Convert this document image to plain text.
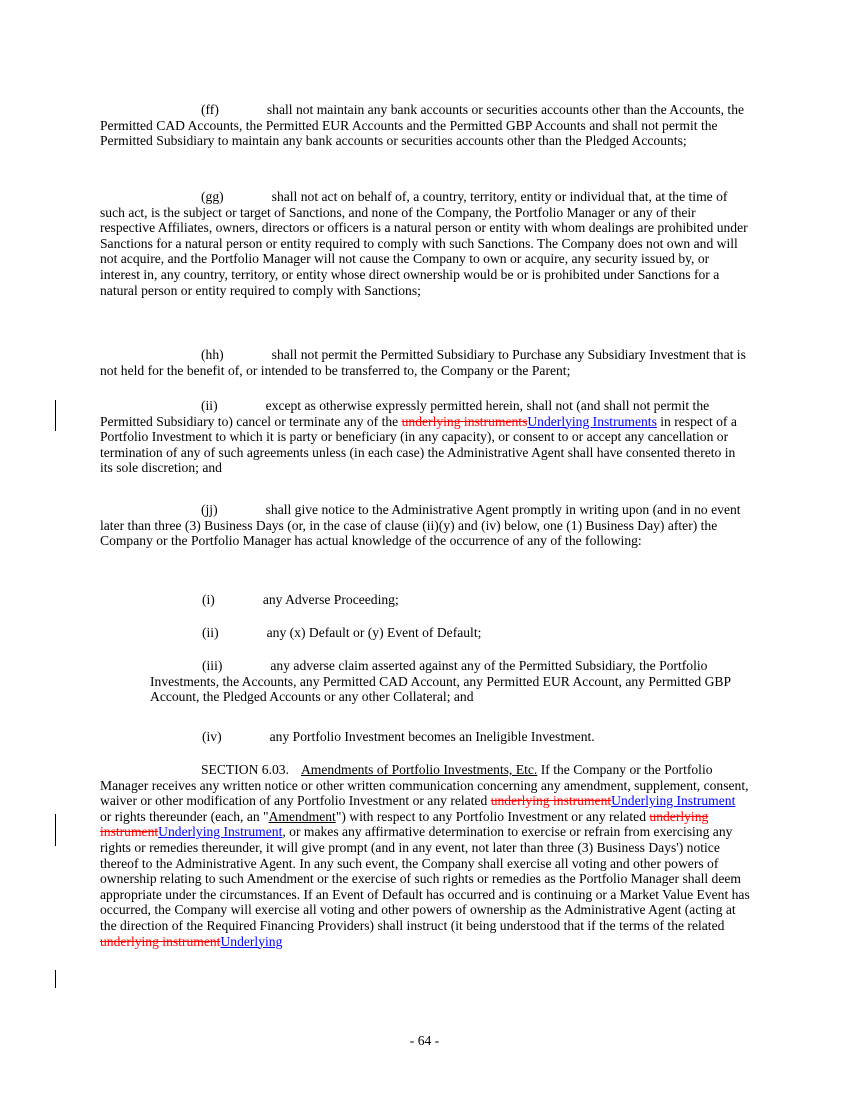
(ff)	shall not maintain any bank accounts or securities accounts other than the Accounts, the Permitted CAD Accounts, the Permitted EUR Accounts and the Permitted GBP Accounts and shall not permit the Permitted Subsidiary to maintain any bank accounts or securities accounts other than the Pledged Accounts;

(gg)	shall not act on behalf of, a country, territory, entity or individual that, at the time of such act, is the subject or target of Sanctions, and none of the Company, the Portfolio Manager or any of their respective Affiliates, owners, directors or officers is a natural person or entity with whom dealings are prohibited under Sanctions for a natural person or entity required to comply with such Sanctions. The Company does not own and will not acquire, and the Portfolio Manager will not cause the Company to own or acquire, any security issued by, or interest in, any country, territory, or entity whose direct ownership would be or is prohibited under Sanctions for a natural person or entity required to comply with Sanctions;

(hh)	shall not permit the Permitted Subsidiary to Purchase any Subsidiary Investment that is not held for the benefit of, or intended to be transferred to, the Company or the Parent;

(ii)	except as otherwise expressly permitted herein, shall not (and shall not permit the Permitted Subsidiary to) cancel or terminate any of the underlying instrumentsUnderlying Instruments in respect of a Portfolio Investment to which it is party or beneficiary (in any capacity), or consent to or accept any cancellation or termination of any of such agreements unless (in each case) the Administrative Agent shall have consented thereto in its sole discretion; and

(jj)	shall give notice to the Administrative Agent promptly in writing upon (and in no event later than three (3) Business Days (or, in the case of clause (ii)(y) and (iv) below, one (1) Business Day) after) the Company or the Portfolio Manager has actual knowledge of the occurrence of any of the following:

(i)	any Adverse Proceeding;

(ii)	any (x) Default or (y) Event of Default;

(iii)	any adverse claim asserted against any of the Permitted Subsidiary, the Portfolio Investments, the Accounts, any Permitted CAD Account, any Permitted EUR Account, any Permitted GBP Account, the Pledged Accounts or any other Collateral; and

(iv)	any Portfolio Investment becomes an Ineligible Investment.

SECTION 6.03. Amendments of Portfolio Investments, Etc. If the Company or the Portfolio Manager receives any written notice or other written communication concerning any amendment, supplement, consent, waiver or other modification of any Portfolio Investment or any related underlying instrumentUnderlying Instrument or rights thereunder (each, an "Amendment") with respect to any Portfolio Investment or any related underlying instrumentUnderlying Instrument, or makes any affirmative determination to exercise or refrain from exercising any rights or remedies thereunder, it will give prompt (and in any event, not later than three (3) Business Days') notice thereof to the Administrative Agent. In any such event, the Company shall exercise all voting and other powers of ownership relating to such Amendment or the exercise of such rights or remedies as the Portfolio Manager shall deem appropriate under the circumstances. If an Event of Default has occurred and is continuing or a Market Value Event has occurred, the Company will exercise all voting and other powers of ownership as the Administrative Agent (acting at the direction of the Required Financing Providers) shall instruct (it being understood that if the terms of the related underlying instrumentUnderlying

- 64 -
